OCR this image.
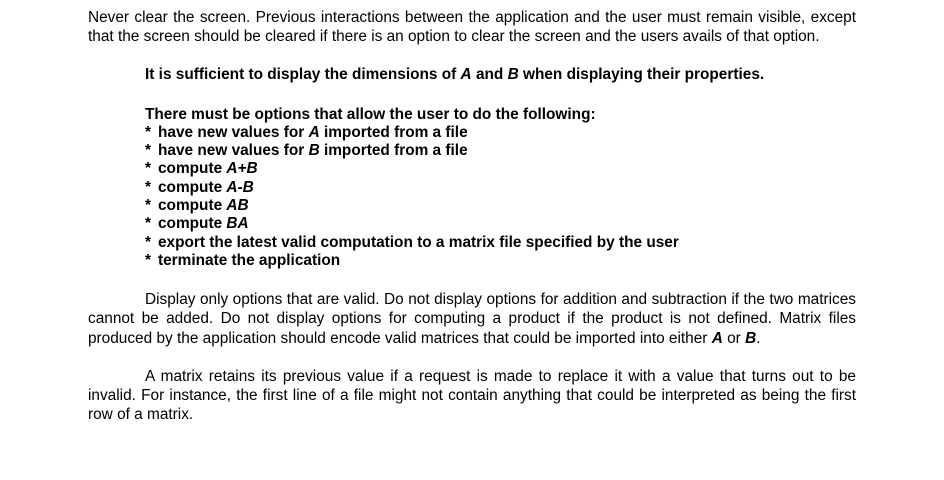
Never clear the screen. Previous interactions between the application and the user must remain visible, except that the screen should be cleared if there is an option to clear the screen and the users avails of that option.

It is sufficient to display the dimensions of A and B when displaying their properties.

There must be options that allow the user to do the following:

* have new values for A imported from a file
* have new values for B imported from a file
* compute A+B
* compute A-B
* compute AB
* compute BA
* export the latest valid computation to a matrix file specified by the user
* terminate the application

Display only options that are valid. Do not display options for addition and subtraction if the two matrices cannot be added. Do not display options for computing a product if the product is not defined. Matrix files produced by the application should encode valid matrices that could be imported into either A or B.

A matrix retains its previous value if a request is made to replace it with a value that turns out to be invalid. For instance, the first line of a file might not contain anything that could be interpreted as being the first row of a matrix.
